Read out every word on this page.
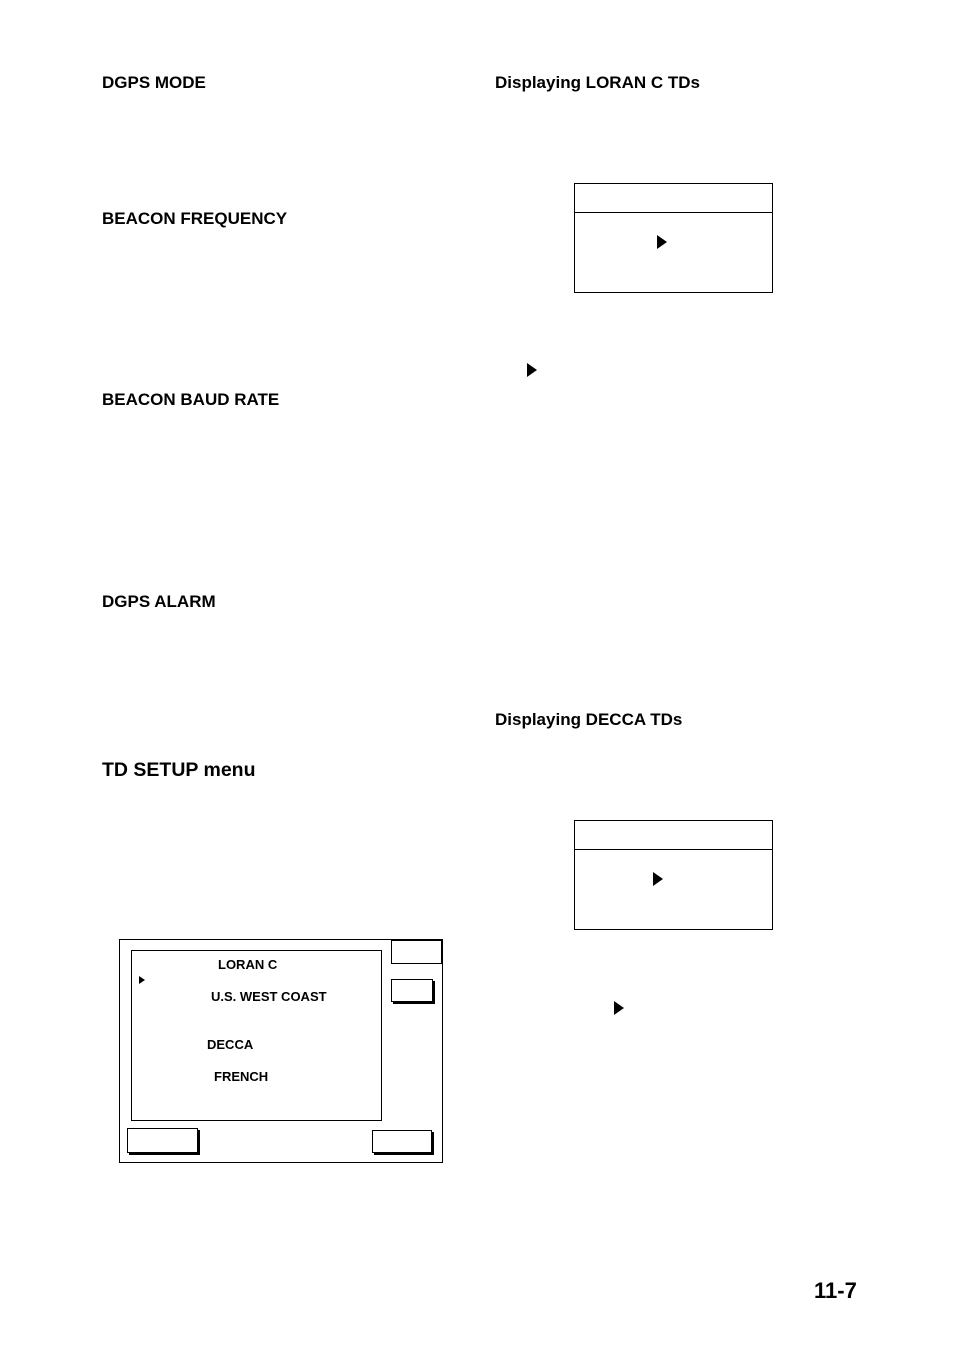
DGPS MODE
BEACON FREQUENCY
BEACON BAUD RATE
DGPS ALARM
TD SETUP menu
Displaying LORAN C TDs
Displaying DECCA TDs
LORAN C
U.S. WEST COAST
DECCA
FRENCH
11-7
